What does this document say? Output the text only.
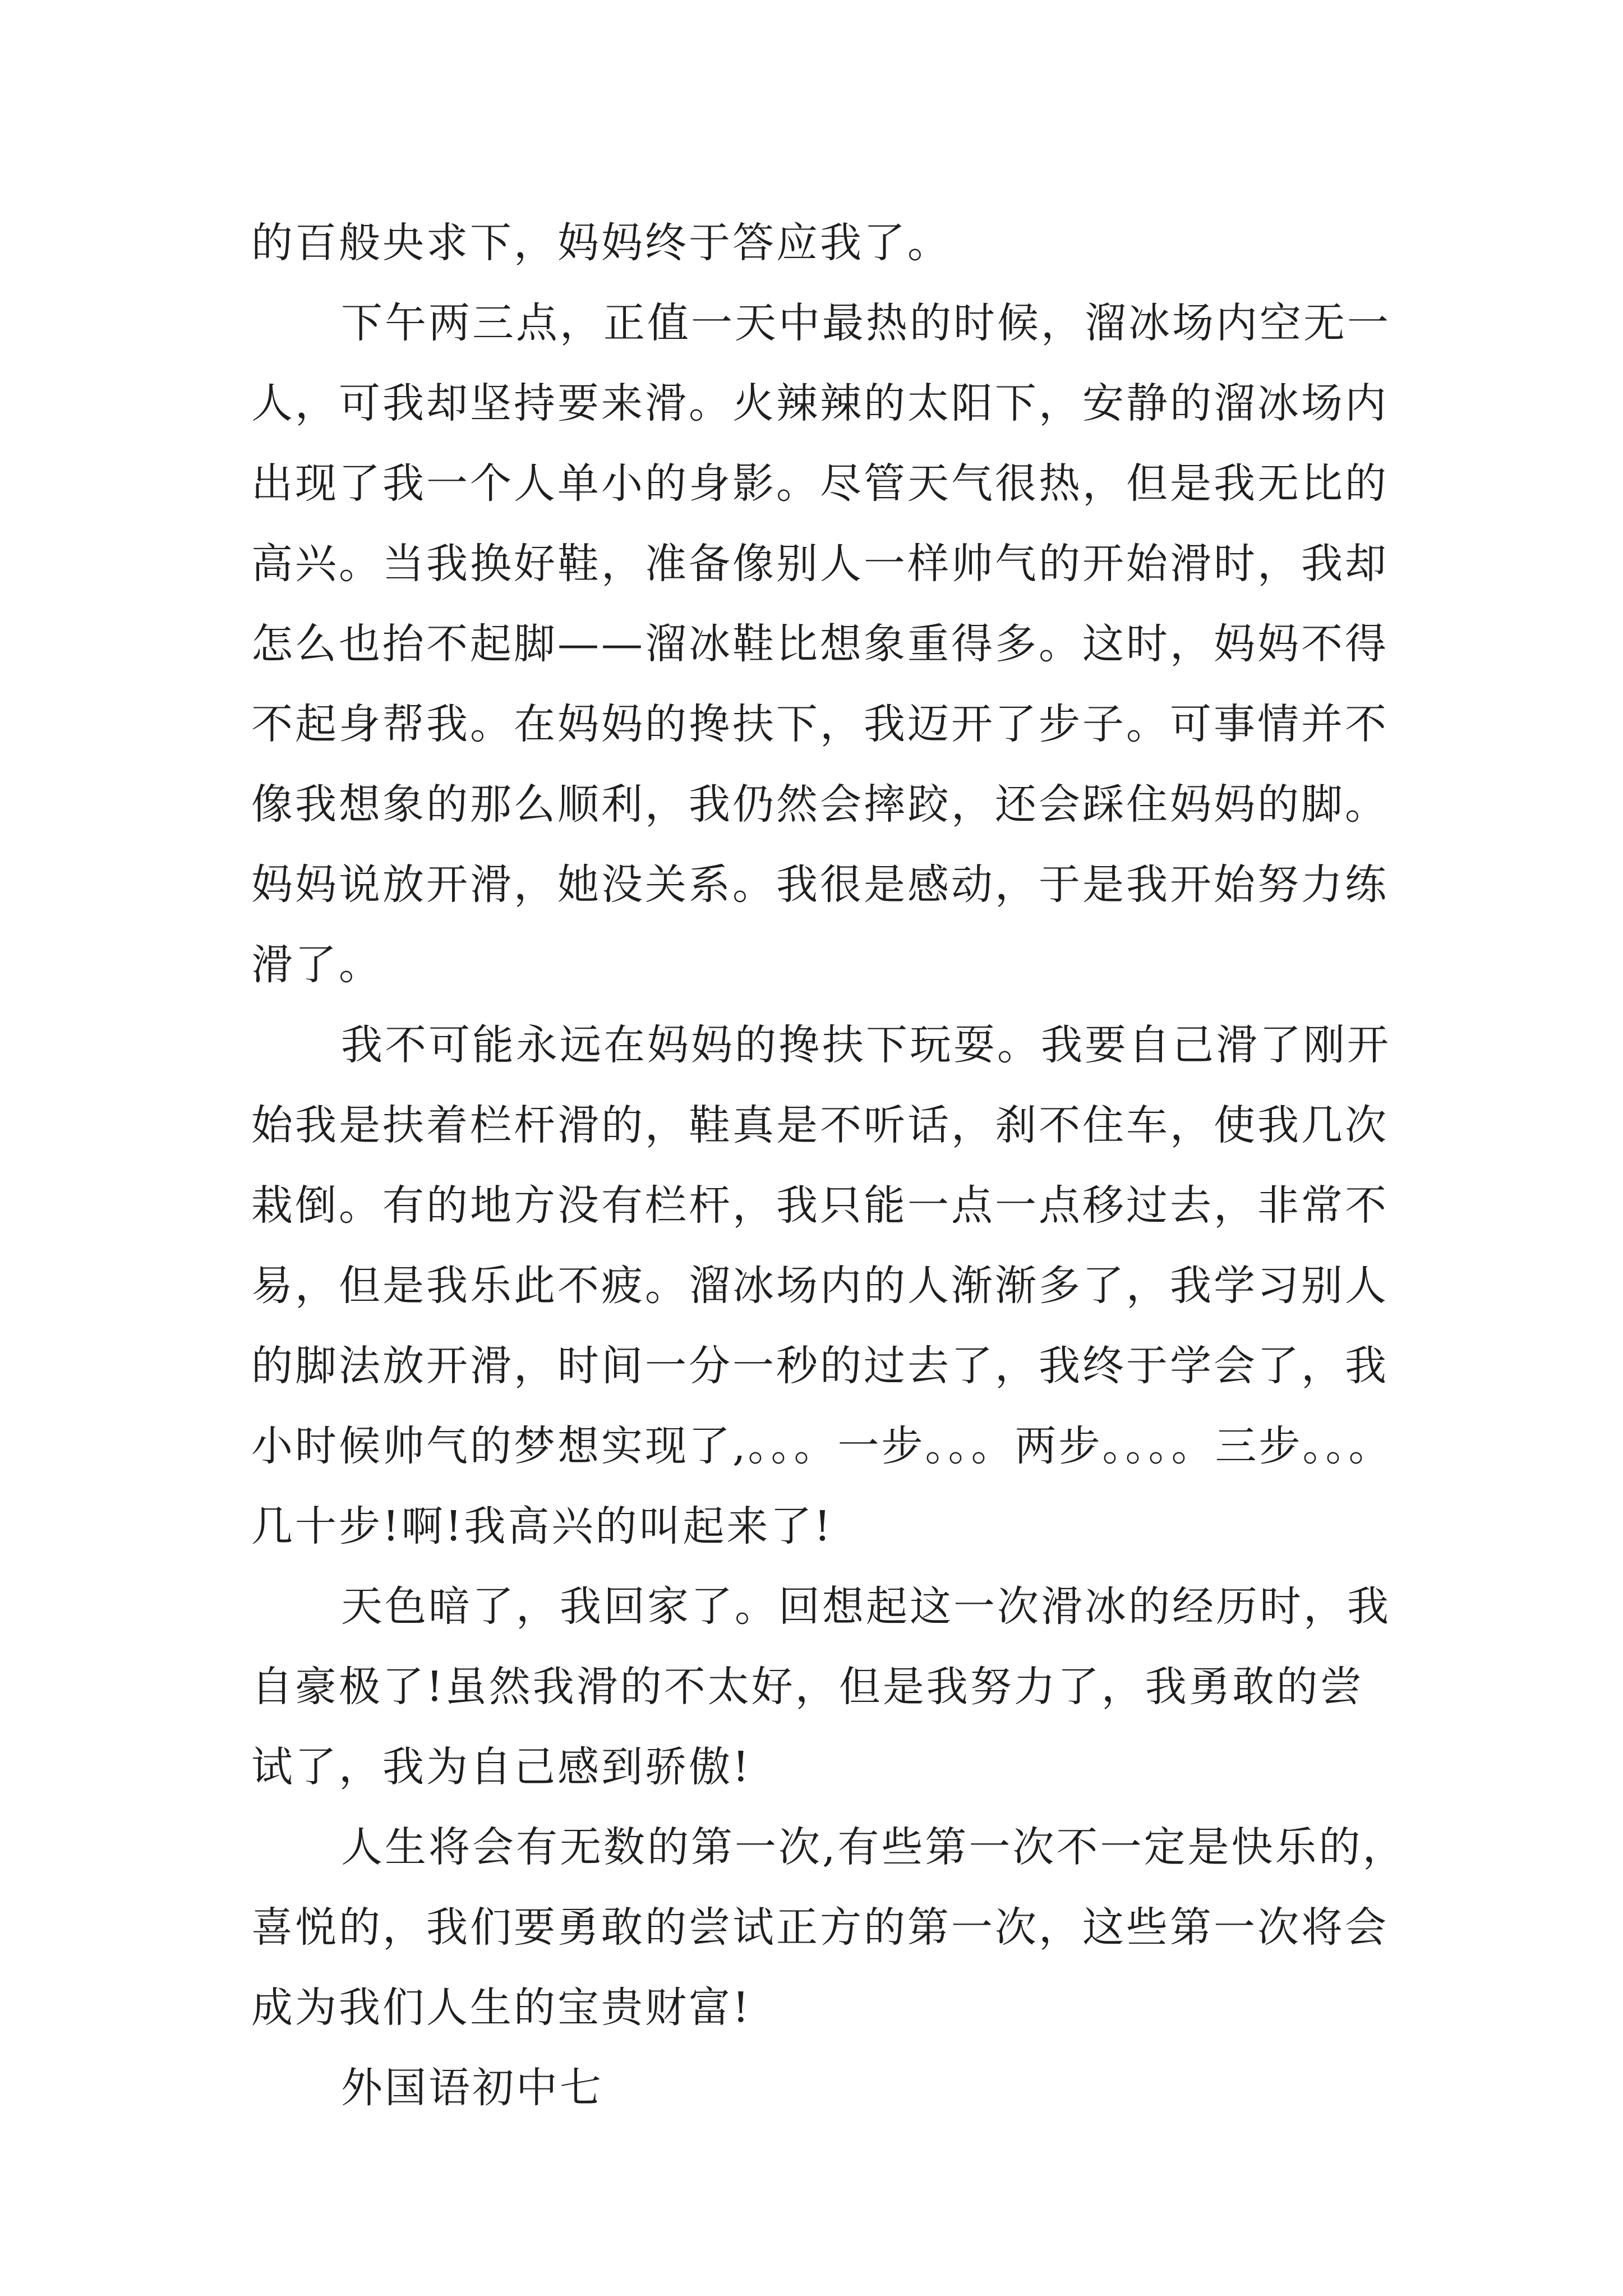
的百般央求下，妈妈终于答应我了。
下午两三点，正值一天中最热的时候，溜冰场内空无一
人，可我却坚持要来滑。火辣辣的太阳下，安静的溜冰场内
出现了我一个人单小的身影。尽管天气很热，但是我无比的
高兴。当我换好鞋，准备像别人一样帅气的开始滑时，我却
怎么也抬不起脚——溜冰鞋比想象重得多。这时，妈妈不得
不起身帮我。在妈妈的搀扶下，我迈开了步子。可事情并不
像我想象的那么顺利，我仍然会摔跤，还会踩住妈妈的脚。
妈妈说放开滑，她没关系。我很是感动，于是我开始努力练
滑了。
我不可能永远在妈妈的搀扶下玩耍。我要自己滑了刚开
始我是扶着栏杆滑的，鞋真是不听话，刹不住车，使我几次
栽倒。有的地方没有栏杆，我只能一点一点移过去，非常不
易，但是我乐此不疲。溜冰场内的人渐渐多了，我学习别人
的脚法放开滑，时间一分一秒的过去了，我终于学会了，我
小时候帅气的梦想实现了,。。。一步。。。两步。。。。三步。。。
几十步!啊!我高兴的叫起来了!
天色暗了，我回家了。回想起这一次滑冰的经历时，我
自豪极了!虽然我滑的不太好，但是我努力了，我勇敢的尝
试了，我为自己感到骄傲!
人生将会有无数的第一次,有些第一次不一定是快乐的，
喜悦的，我们要勇敢的尝试正方的第一次，这些第一次将会
成为我们人生的宝贵财富!
外国语初中七
